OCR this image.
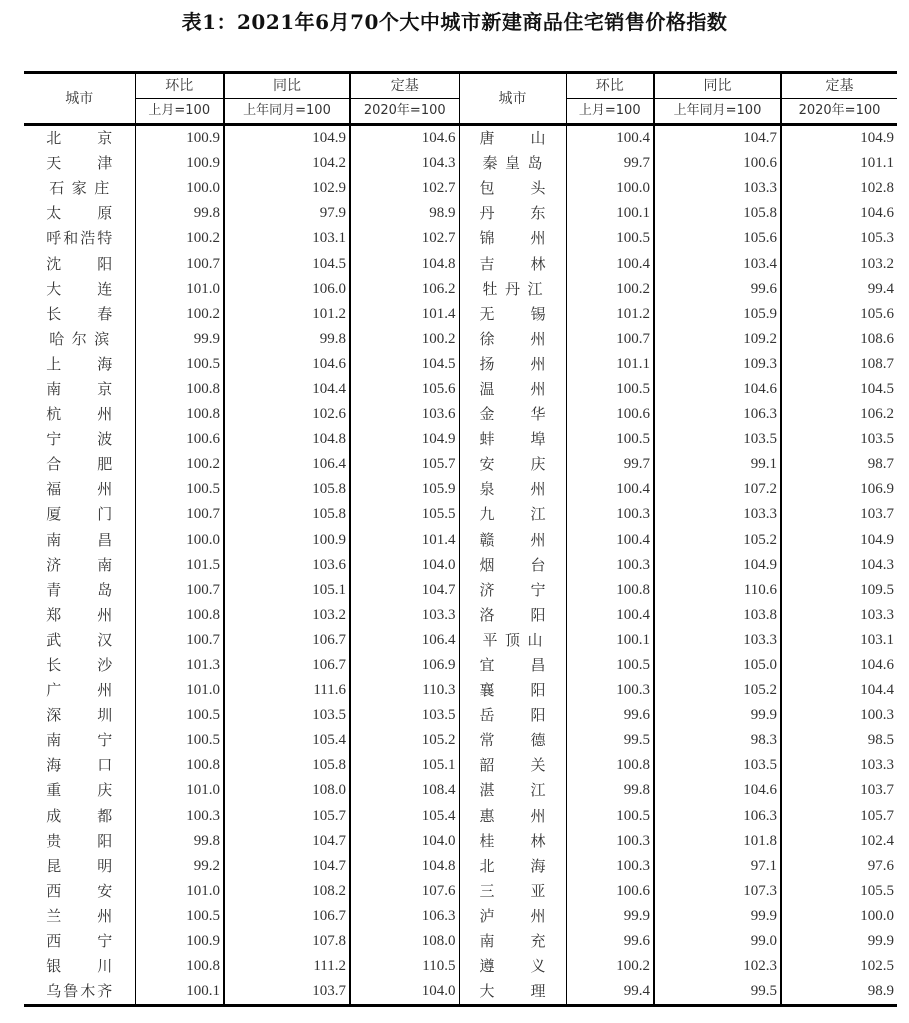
表1：2021年6月70个大中城市新建商品住宅销售价格指数
城市	环比	同比	定基	城市	环比	同比	定基
	上月=100	上年同月=100	2020年=100		上月=100	上年同月=100	2020年=100
北京	100.9	104.9	104.6	唐山	100.4	104.7	104.9
天津	100.9	104.2	104.3	秦皇岛	99.7	100.6	101.1
石家庄	100.0	102.9	102.7	包头	100.0	103.3	102.8
太原	99.8	97.9	98.9	丹东	100.1	105.8	104.6
呼和浩特	100.2	103.1	102.7	锦州	100.5	105.6	105.3
沈阳	100.7	104.5	104.8	吉林	100.4	103.4	103.2
大连	101.0	106.0	106.2	牡丹江	100.2	99.6	99.4
长春	100.2	101.2	101.4	无锡	101.2	105.9	105.6
哈尔滨	99.9	99.8	100.2	徐州	100.7	109.2	108.6
上海	100.5	104.6	104.5	扬州	101.1	109.3	108.7
南京	100.8	104.4	105.6	温州	100.5	104.6	104.5
杭州	100.8	102.6	103.6	金华	100.6	106.3	106.2
宁波	100.6	104.8	104.9	蚌埠	100.5	103.5	103.5
合肥	100.2	106.4	105.7	安庆	99.7	99.1	98.7
福州	100.5	105.8	105.9	泉州	100.4	107.2	106.9
厦门	100.7	105.8	105.5	九江	100.3	103.3	103.7
南昌	100.0	100.9	101.4	赣州	100.4	105.2	104.9
济南	101.5	103.6	104.0	烟台	100.3	104.9	104.3
青岛	100.7	105.1	104.7	济宁	100.8	110.6	109.5
郑州	100.8	103.2	103.3	洛阳	100.4	103.8	103.3
武汉	100.7	106.7	106.4	平顶山	100.1	103.3	103.1
长沙	101.3	106.7	106.9	宜昌	100.5	105.0	104.6
广州	101.0	111.6	110.3	襄阳	100.3	105.2	104.4
深圳	100.5	103.5	103.5	岳阳	99.6	99.9	100.3
南宁	100.5	105.4	105.2	常德	99.5	98.3	98.5
海口	100.8	105.8	105.1	韶关	100.8	103.5	103.3
重庆	101.0	108.0	108.4	湛江	99.8	104.6	103.7
成都	100.3	105.7	105.4	惠州	100.5	106.3	105.7
贵阳	99.8	104.7	104.0	桂林	100.3	101.8	102.4
昆明	99.2	104.7	104.8	北海	100.3	97.1	97.6
西安	101.0	108.2	107.6	三亚	100.6	107.3	105.5
兰州	100.5	106.7	106.3	泸州	99.9	99.9	100.0
西宁	100.9	107.8	108.0	南充	99.6	99.0	99.9
银川	100.8	111.2	110.5	遵义	100.2	102.3	102.5
乌鲁木齐	100.1	103.7	104.0	大理	99.4	99.5	98.9
